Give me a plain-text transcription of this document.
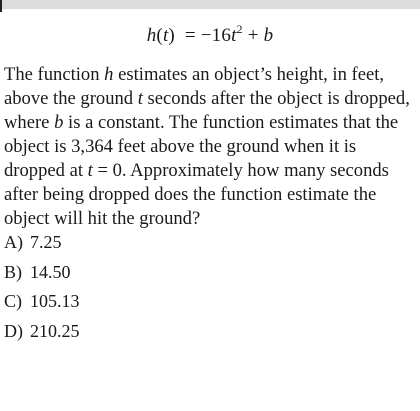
$h(t) = -16t^2 + b$
The function h estimates an object’s height, in feet, above the ground t seconds after the object is dropped, where b is a constant. The function estimates that the object is 3,364 feet above the ground when it is dropped at t = 0. Approximately how many seconds after being dropped does the function estimate the object will hit the ground?
A) 7.25
B) 14.50
C) 105.13
D) 210.25
